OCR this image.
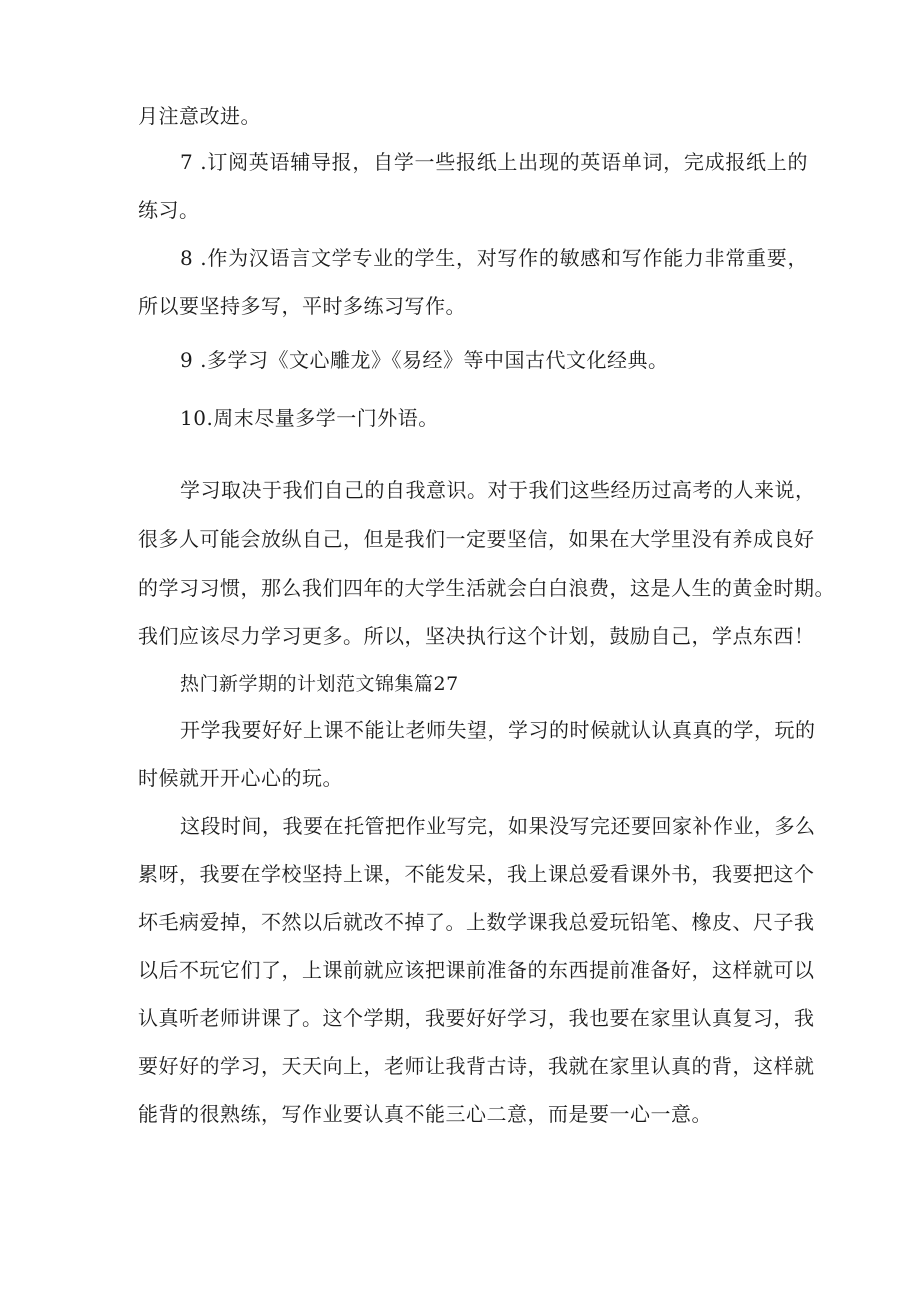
月注意改进。
7 .订阅英语辅导报，自学一些报纸上出现的英语单词，完成报纸上的
练习。
8 .作为汉语言文学专业的学生，对写作的敏感和写作能力非常重要，
所以要坚持多写，平时多练习写作。
9 .多学习《文心雕龙》《易经》等中国古代文化经典。
10.周末尽量多学一门外语。
学习取决于我们自己的自我意识。对于我们这些经历过高考的人来说，
很多人可能会放纵自己，但是我们一定要坚信，如果在大学里没有养成良好
的学习习惯，那么我们四年的大学生活就会白白浪费，这是人生的黄金时期。
我们应该尽力学习更多。所以，坚决执行这个计划，鼓励自己，学点东西！
热门新学期的计划范文锦集篇27
开学我要好好上课不能让老师失望，学习的时候就认认真真的学，玩的
时候就开开心心的玩。
这段时间，我要在托管把作业写完，如果没写完还要回家补作业，多么
累呀，我要在学校坚持上课，不能发呆，我上课总爱看课外书，我要把这个
坏毛病爱掉，不然以后就改不掉了。上数学课我总爱玩铅笔、橡皮、尺子我
以后不玩它们了，上课前就应该把课前准备的东西提前准备好，这样就可以
认真听老师讲课了。这个学期，我要好好学习，我也要在家里认真复习，我
要好好的学习，天天向上，老师让我背古诗，我就在家里认真的背，这样就
能背的很熟练，写作业要认真不能三心二意，而是要一心一意。
